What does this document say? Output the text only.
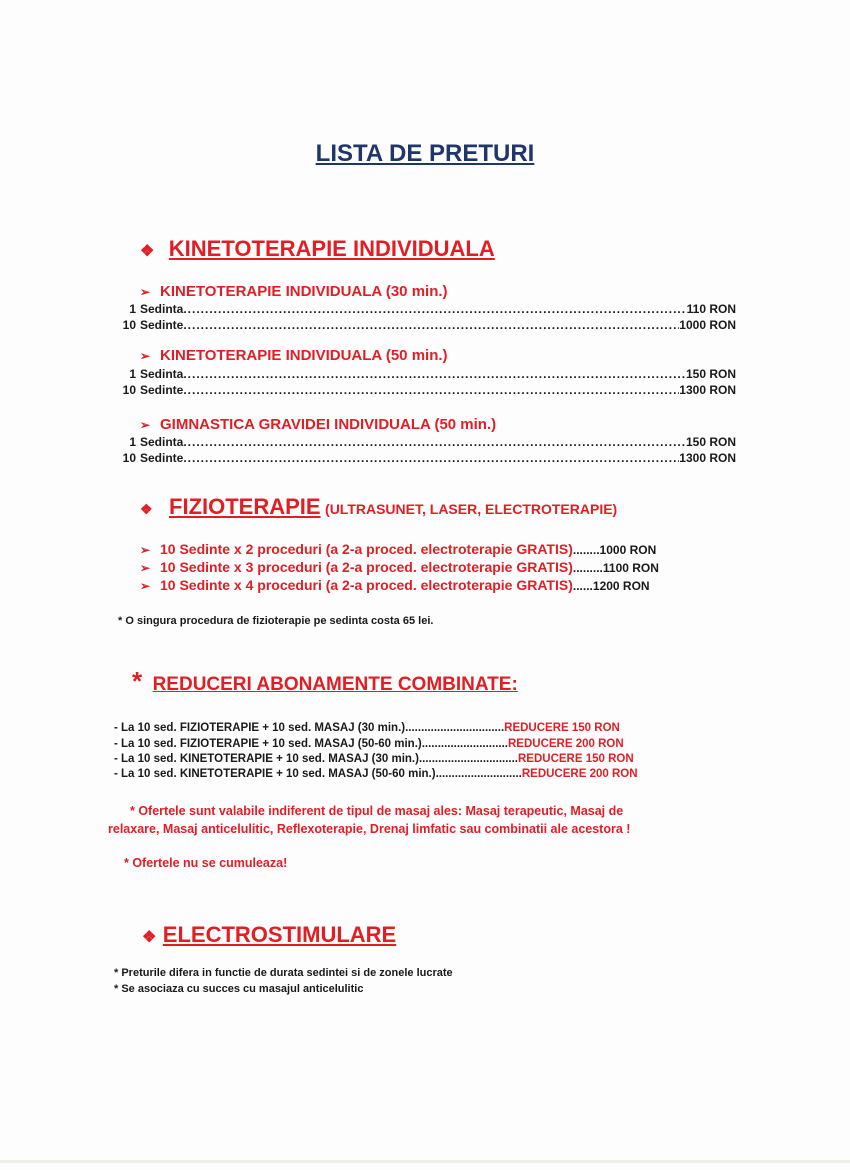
LISTA DE PRETURI
❖ KINETOTERAPIE INDIVIDUALA
➢ KINETOTERAPIE INDIVIDUALA (30 min.)
1 Sedinta .....	110 RON
10 Sedinte .....	1000 RON
➢ KINETOTERAPIE INDIVIDUALA (50 min.)
1 Sedinta .....	150 RON
10 Sedinte .....	1300 RON
➢ GIMNASTICA GRAVIDEI INDIVIDUALA (50 min.)
1 Sedinta .....	150 RON
10 Sedinte .....	1300 RON
❖ FIZIOTERAPIE (ULTRASUNET, LASER, ELECTROTERAPIE)
➢ 10 Sedinte x 2 proceduri (a 2-a proced. electroterapie GRATIS)........1000 RON
➢ 10 Sedinte x 3 proceduri (a 2-a proced. electroterapie GRATIS).........1100 RON
➢ 10 Sedinte x 4 proceduri (a 2-a proced. electroterapie GRATIS)......1200 RON
* O singura procedura de fizioterapie pe sedinta costa 65 lei.
* REDUCERI ABONAMENTE COMBINATE:
- La 10 sed. FIZIOTERAPIE + 10 sed. MASAJ (30 min.)...............................REDUCERE 150 RON
- La 10 sed. FIZIOTERAPIE + 10 sed. MASAJ (50-60 min.)...........................REDUCERE 200 RON
- La 10 sed. KINETOTERAPIE + 10 sed. MASAJ (30 min.)...............................REDUCERE 150 RON
- La 10 sed. KINETOTERAPIE + 10 sed. MASAJ (50-60 min.)...........................REDUCERE 200 RON
* Ofertele sunt valabile indiferent de tipul de masaj ales: Masaj terapeutic, Masaj de
relaxare, Masaj anticelulitic, Reflexoterapie, Drenaj limfatic sau combinatii ale acestora !
* Ofertele nu se cumuleaza!
❖ ELECTROSTIMULARE
* Preturile difera in functie de durata sedintei si de zonele lucrate
* Se asociaza cu succes cu masajul anticelulitic
